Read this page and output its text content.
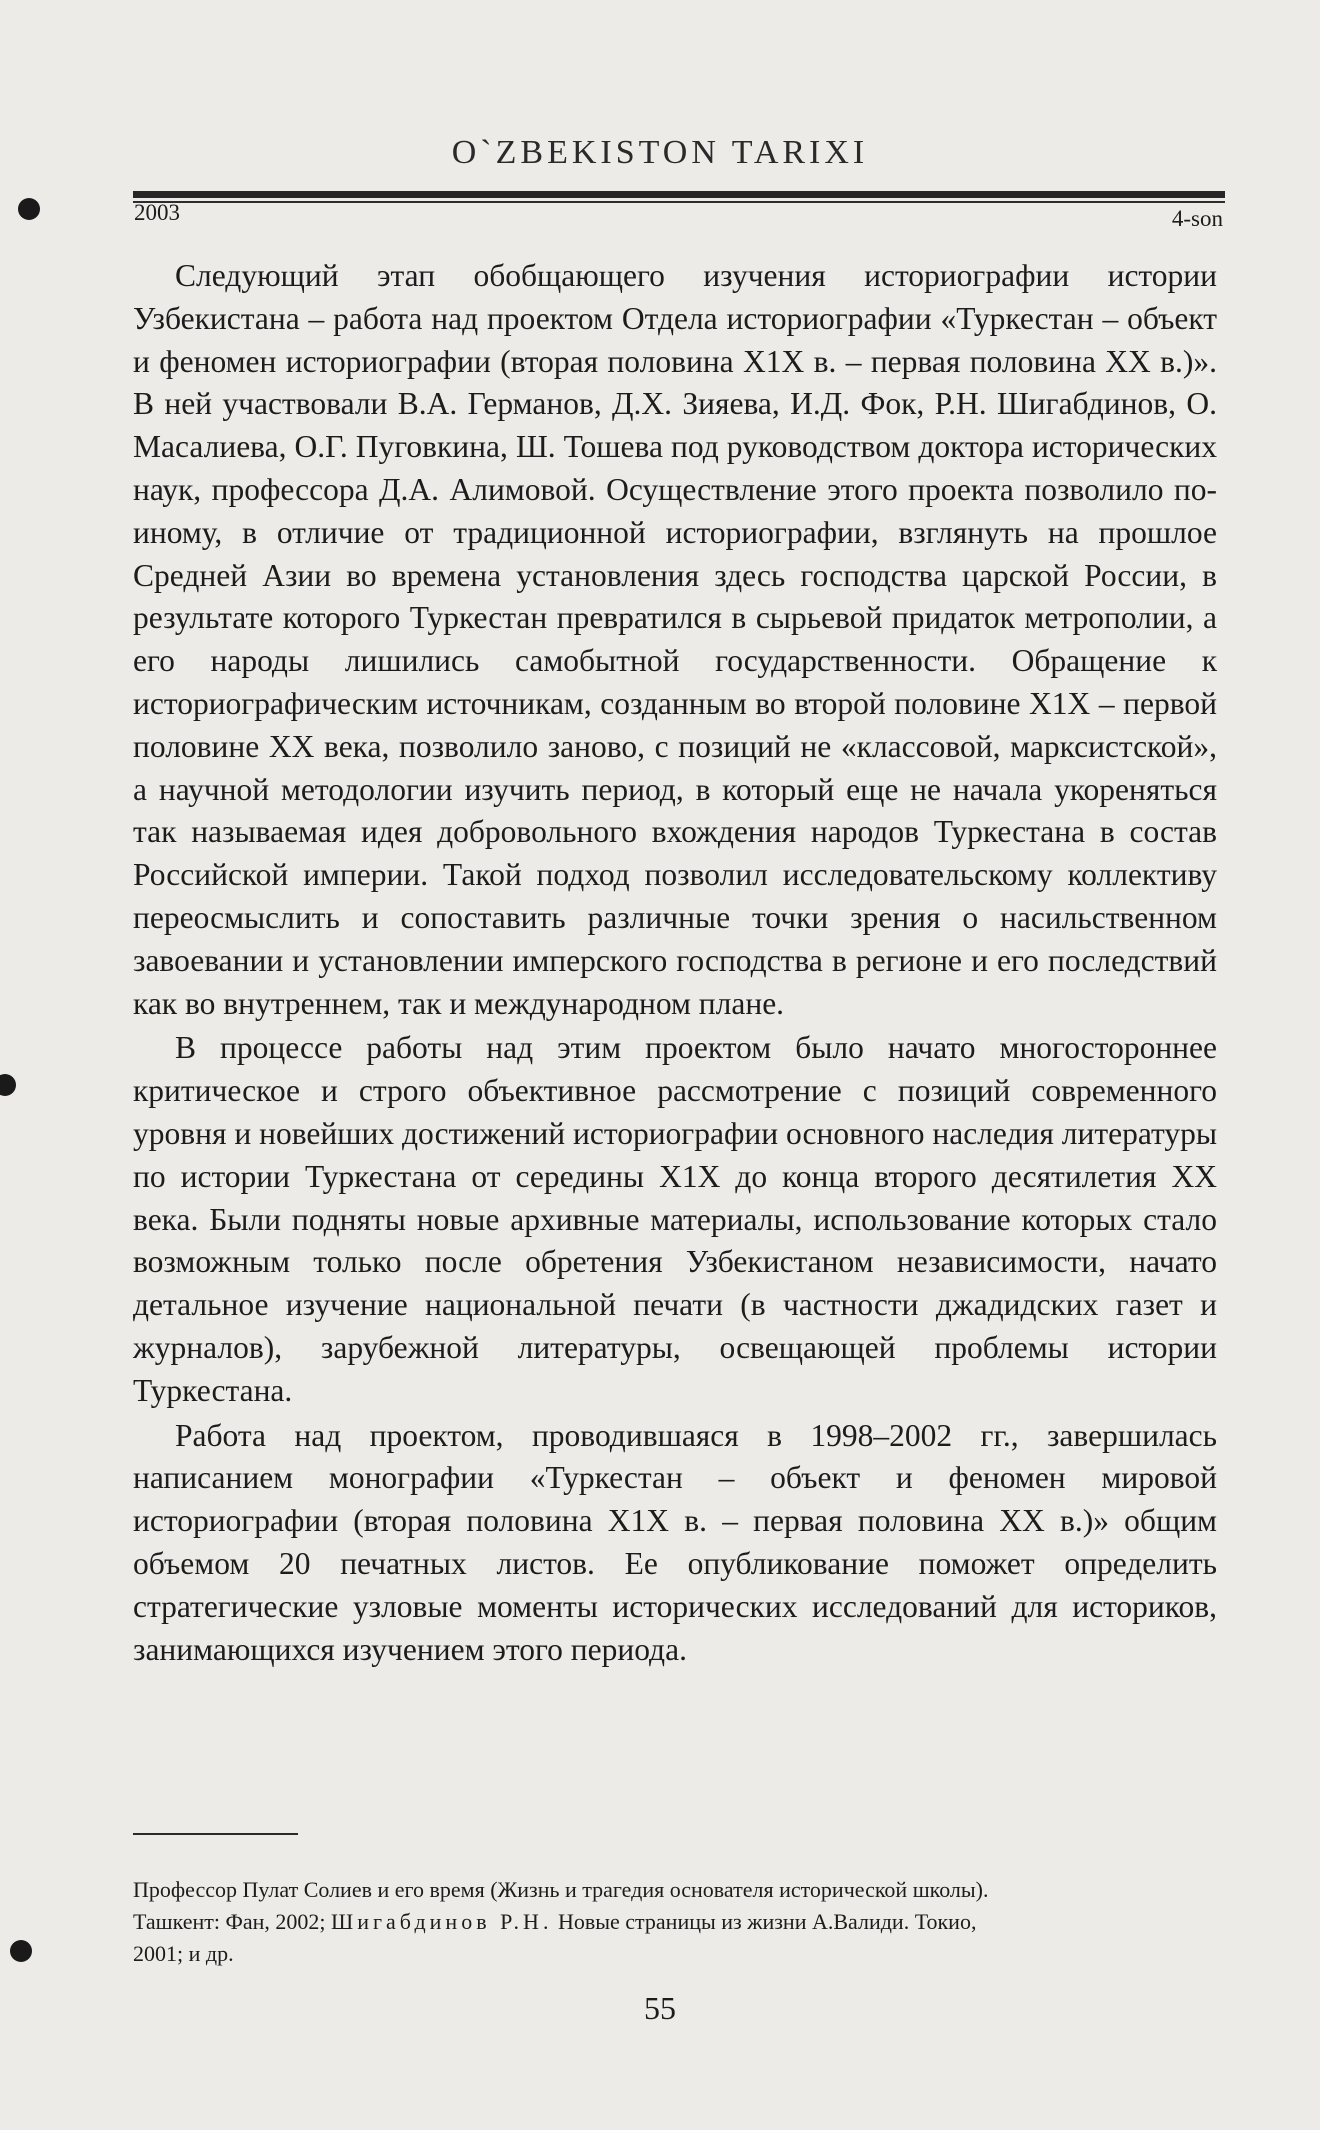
O`ZBEKISTON TARIXI
2003	4-son

Следующий этап обобщающего изучения историографии истории Узбекистана – работа над проектом Отдела историографии «Туркестан – объект и феномен историографии (вторая половина Х1Х в. – первая половина ХХ в.)». В ней участвовали В.А. Германов, Д.Х. Зияева, И.Д. Фок, Р.Н. Шигабдинов, О. Масалиева, О.Г. Пуговкина, Ш. Тошева под руководством доктора исторических наук, профессора Д.А. Алимовой. Осуществление этого проекта позволило по-иному, в отличие от традиционной историографии, взглянуть на прошлое Средней Азии во времена установления здесь господства царской России, в результате которого Туркестан превратился в сырьевой придаток метрополии, а его народы лишились самобытной государственности. Обращение к историографическим источникам, созданным во второй половине Х1Х – первой половине ХХ века, позволило заново, с позиций не «классовой, марксистской», а научной методологии изучить период, в который еще не начала укореняться так называемая идея добровольного вхождения народов Туркестана в состав Российской империи. Такой подход позволил исследовательскому коллективу переосмыслить и сопоставить различные точки зрения о насильственном завоевании и установлении имперского господства в регионе и его последствий как во внутреннем, так и международном плане.

В процессе работы над этим проектом было начато многостороннее критическое и строго объективное рассмотрение с позиций современного уровня и новейших достижений историографии основного наследия литературы по истории Туркестана от середины Х1Х до конца второго десятилетия ХХ века. Были подняты новые архивные материалы, использование которых стало возможным только после обретения Узбекистаном независимости, начато детальное изучение национальной печати (в частности джадидских газет и журналов), зарубежной литературы, освещающей проблемы истории Туркестана.

Работа над проектом, проводившаяся в 1998–2002 гг., завершилась написанием монографии «Туркестан – объект и феномен мировой историографии (вторая половина Х1Х в. – первая половина ХХ в.)» общим объемом 20 печатных листов. Ее опубликование поможет определить стратегические узловые моменты исторических исследований для историков, занимающихся изучением этого периода.

Профессор Пулат Солиев и его время (Жизнь и трагедия основателя исторической школы).
Ташкент: Фан, 2002; Шигабдинов Р.Н. Новые страницы из жизни А.Валиди. Токио,
2001; и др.
55
